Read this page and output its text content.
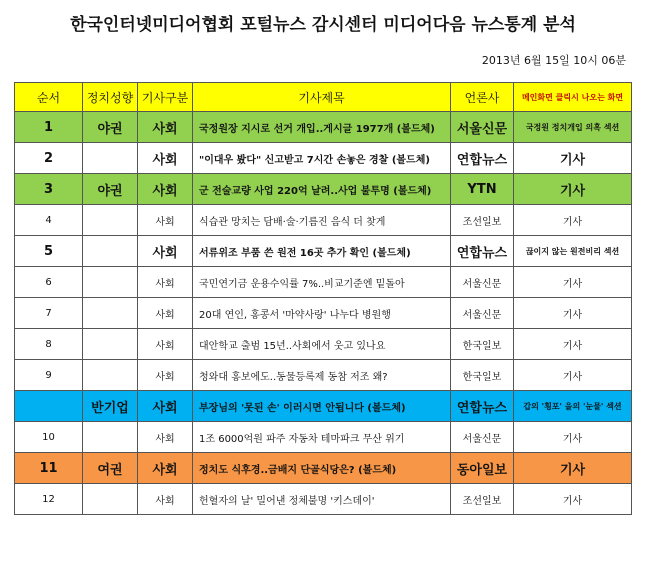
한국인터넷미디어협회 포털뉴스 감시센터 미디어다음 뉴스통계 분석
2013년 6월 15일 10시 06분
순서	정치성향	기사구분	기사제목	언론사	메인화면 클릭시 나오는 화면
1	야권	사회	국정원장 지시로 선거 개입..게시글 1977개 (볼드체)	서울신문	국정원 정치개입 의혹 섹션
2		사회	"이대우 봤다" 신고받고 7시간 손놓은 경찰 (볼드체)	연합뉴스	기사
3	야권	사회	군 전술교량 사업 220억 날려..사업 불투명 (볼드체)	YTN	기사
4		사회	식습관 망치는 담배·술·기름진 음식 더 찾게	조선일보	기사
5		사회	서류위조 부품 쓴 원전 16곳 추가 확인 (볼드체)	연합뉴스	끊이지 않는 원전비리 섹션
6		사회	국민연기금 운용수익률 7%..비교기준엔 밑돌아	서울신문	기사
7		사회	20대 연인, 홍콩서 '마약사랑' 나누다 병원행	서울신문	기사
8		사회	대안학교 출범 15년..사회에서 웃고 있나요	한국일보	기사
9		사회	청와대 홍보에도..동물등록제 동참 저조 왜?	한국일보	기사
	반기업	사회	부장님의 '못된 손' 이러시면 안됩니다 (볼드체)	연합뉴스	갑의 '횡포' 을의 '눈물' 섹션
10		사회	1조 6000억원 파주 자동차 테마파크 무산 위기	서울신문	기사
11	여권	사회	정치도 식후경..금배지 단골식당은? (볼드체)	동아일보	기사
12		사회	헌혈자의 날' 밀어낸 정체불명 '키스데이'	조선일보	기사
